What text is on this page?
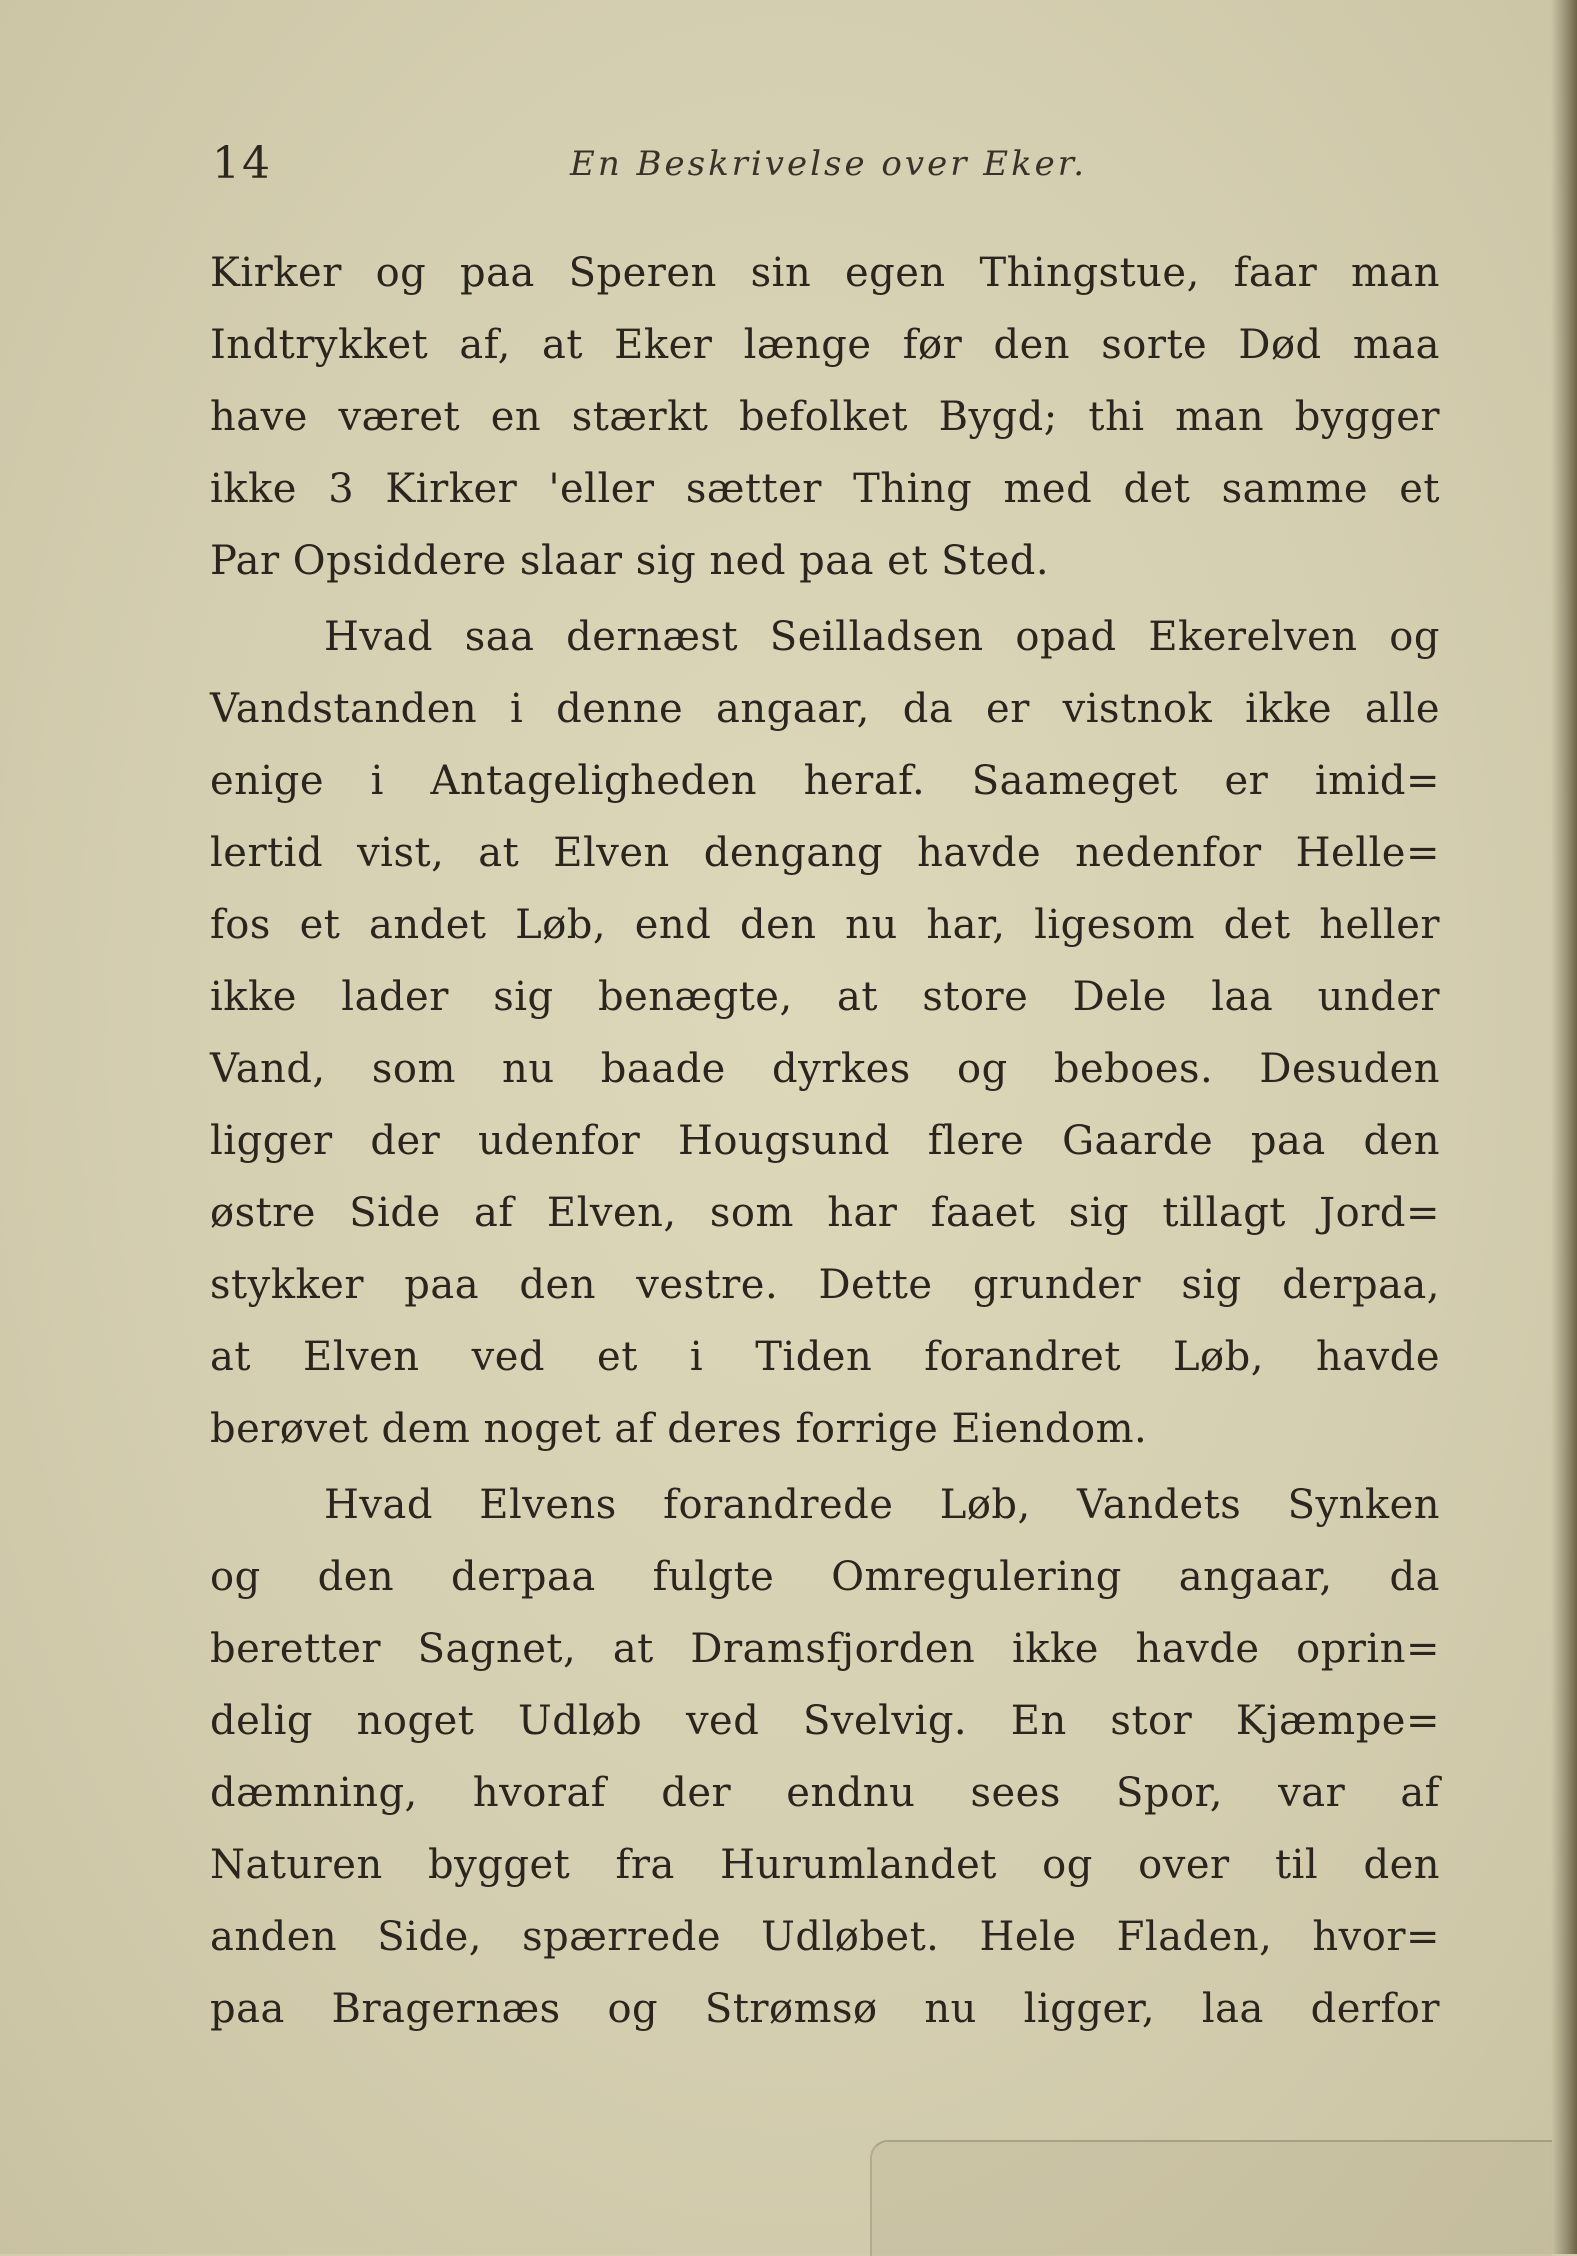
14	En Beskrivelse over Eker.
Kirker og paa Speren sin egen Thingstue, faar man
Indtrykket af, at Eker længe før den sorte Død maa
have været en stærkt befolket Bygd; thi man bygger
ikke 3 Kirker 'eller sætter Thing med det samme et
Par Opsiddere slaar sig ned paa et Sted.
Hvad saa dernæst Seilladsen opad Ekerelven og
Vandstanden i denne angaar, da er vistnok ikke alle
enige i Antageligheden heraf. Saameget er imid=
lertid vist, at Elven dengang havde nedenfor Helle=
fos et andet Løb, end den nu har, ligesom det heller
ikke lader sig benægte, at store Dele laa under
Vand, som nu baade dyrkes og beboes. Desuden
ligger der udenfor Hougsund flere Gaarde paa den
østre Side af Elven, som har faaet sig tillagt Jord=
stykker paa den vestre. Dette grunder sig derpaa,
at Elven ved et i Tiden forandret Løb, havde
berøvet dem noget af deres forrige Eiendom.
Hvad Elvens forandrede Løb, Vandets Synken
og den derpaa fulgte Omregulering angaar, da
beretter Sagnet, at Dramsfjorden ikke havde oprin=
delig noget Udløb ved Svelvig. En stor Kjæmpe=
dæmning, hvoraf der endnu sees Spor, var af
Naturen bygget fra Hurumlandet og over til den
anden Side, spærrede Udløbet. Hele Fladen, hvor=
paa Bragernæs og Strømsø nu ligger, laa derfor
